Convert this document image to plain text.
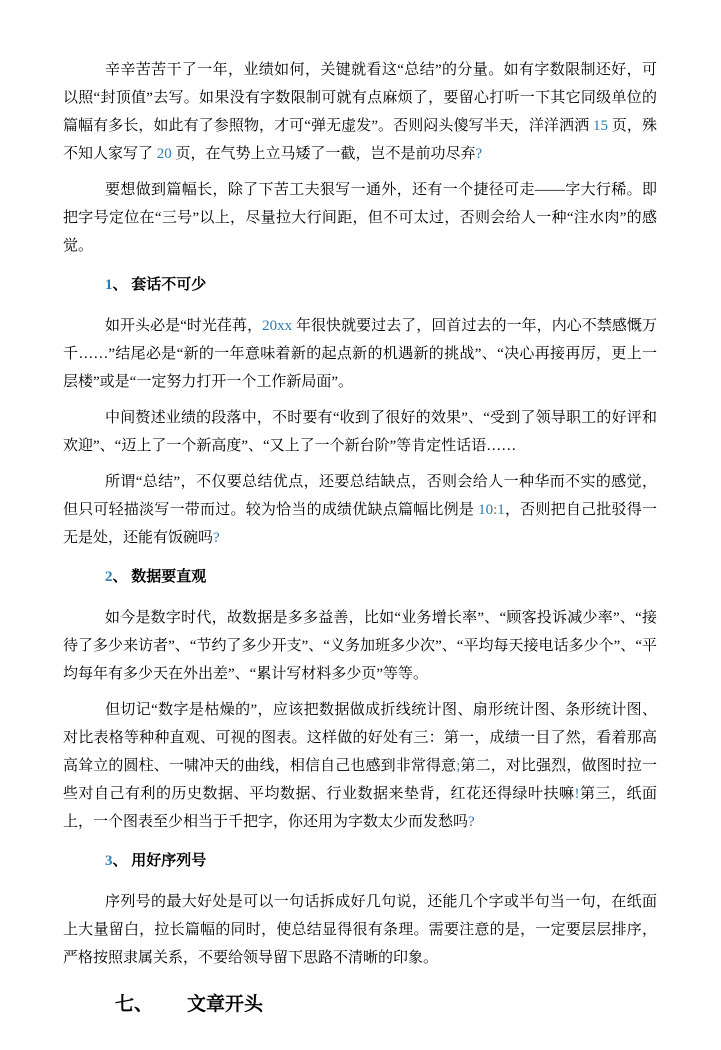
辛辛苦苦干了一年，业绩如何，关键就看这“总结”的分量。如有字数限制还好，可以照“封顶值”去写。如果没有字数限制可就有点麻烦了，要留心打听一下其它同级单位的篇幅有多长，如此有了参照物，才可“弹无虚发”。否则闷头傻写半天，洋洋洒洒 15 页，殊不知人家写了 20 页，在气势上立马矮了一截，岂不是前功尽弃?

要想做到篇幅长，除了下苦工夫狠写一通外，还有一个捷径可走——字大行稀。即把字号定位在“三号”以上，尽量拉大行间距，但不可太过，否则会给人一种“注水肉”的感觉。

1、 套话不可少

如开头必是“时光荏苒，20xx 年很快就要过去了，回首过去的一年，内心不禁感慨万千……”结尾必是“新的一年意味着新的起点新的机遇新的挑战”、“决心再接再厉，更上一层楼”或是“一定努力打开一个工作新局面”。

中间赘述业绩的段落中，不时要有“收到了很好的效果”、“受到了领导职工的好评和欢迎”、“迈上了一个新高度”、“又上了一个新台阶”等肯定性话语……

所谓“总结”，不仅要总结优点，还要总结缺点，否则会给人一种华而不实的感觉，但只可轻描淡写一带而过。较为恰当的成绩优缺点篇幅比例是 10:1，否则把自己批驳得一无是处，还能有饭碗吗?

2、 数据要直观

如今是数字时代，故数据是多多益善，比如“业务增长率”、“顾客投诉减少率”、“接待了多少来访者”、“节约了多少开支”、“义务加班多少次”、“平均每天接电话多少个”、“平均每年有多少天在外出差”、“累计写材料多少页”等等。

但切记“数字是枯燥的”，应该把数据做成折线统计图、扇形统计图、条形统计图、对比表格等种种直观、可视的图表。这样做的好处有三：第一，成绩一目了然，看着那高高耸立的圆柱、一啸冲天的曲线，相信自己也感到非常得意;第二，对比强烈，做图时拉一些对自己有利的历史数据、平均数据、行业数据来垫背，红花还得绿叶扶嘛!第三，纸面上，一个图表至少相当于千把字，你还用为字数太少而发愁吗?

3、 用好序列号

序列号的最大好处是可以一句话拆成好几句说，还能几个字或半句当一句，在纸面上大量留白，拉长篇幅的同时，使总结显得很有条理。需要注意的是，一定要层层排序，严格按照隶属关系，不要给领导留下思路不清晰的印象。

七、 文章开头
